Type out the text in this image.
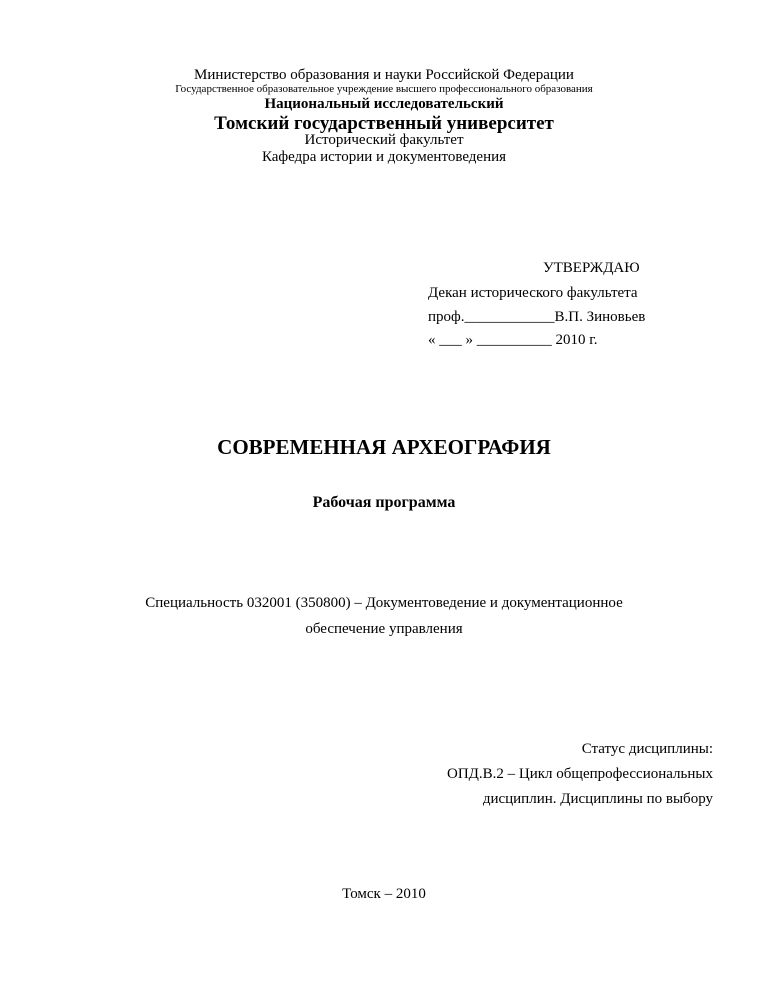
Министерство образования и науки Российской Федерации
Государственное образовательное учреждение высшего профессионального образования
Национальный исследовательский
Томский государственный университет
Исторический факультет
Кафедра истории и документоведения
УТВЕРЖДАЮ
Декан исторического факультета
проф.____________В.П. Зиновьев
« ___ » __________ 2010 г.
СОВРЕМЕННАЯ АРХЕОГРАФИЯ
Рабочая программа
Специальность 032001 (350800) – Документоведение и документационное
обеспечение управления
Статус дисциплины:
ОПД.В.2 – Цикл общепрофессиональных
дисциплин. Дисциплины по выбору
Томск – 2010
